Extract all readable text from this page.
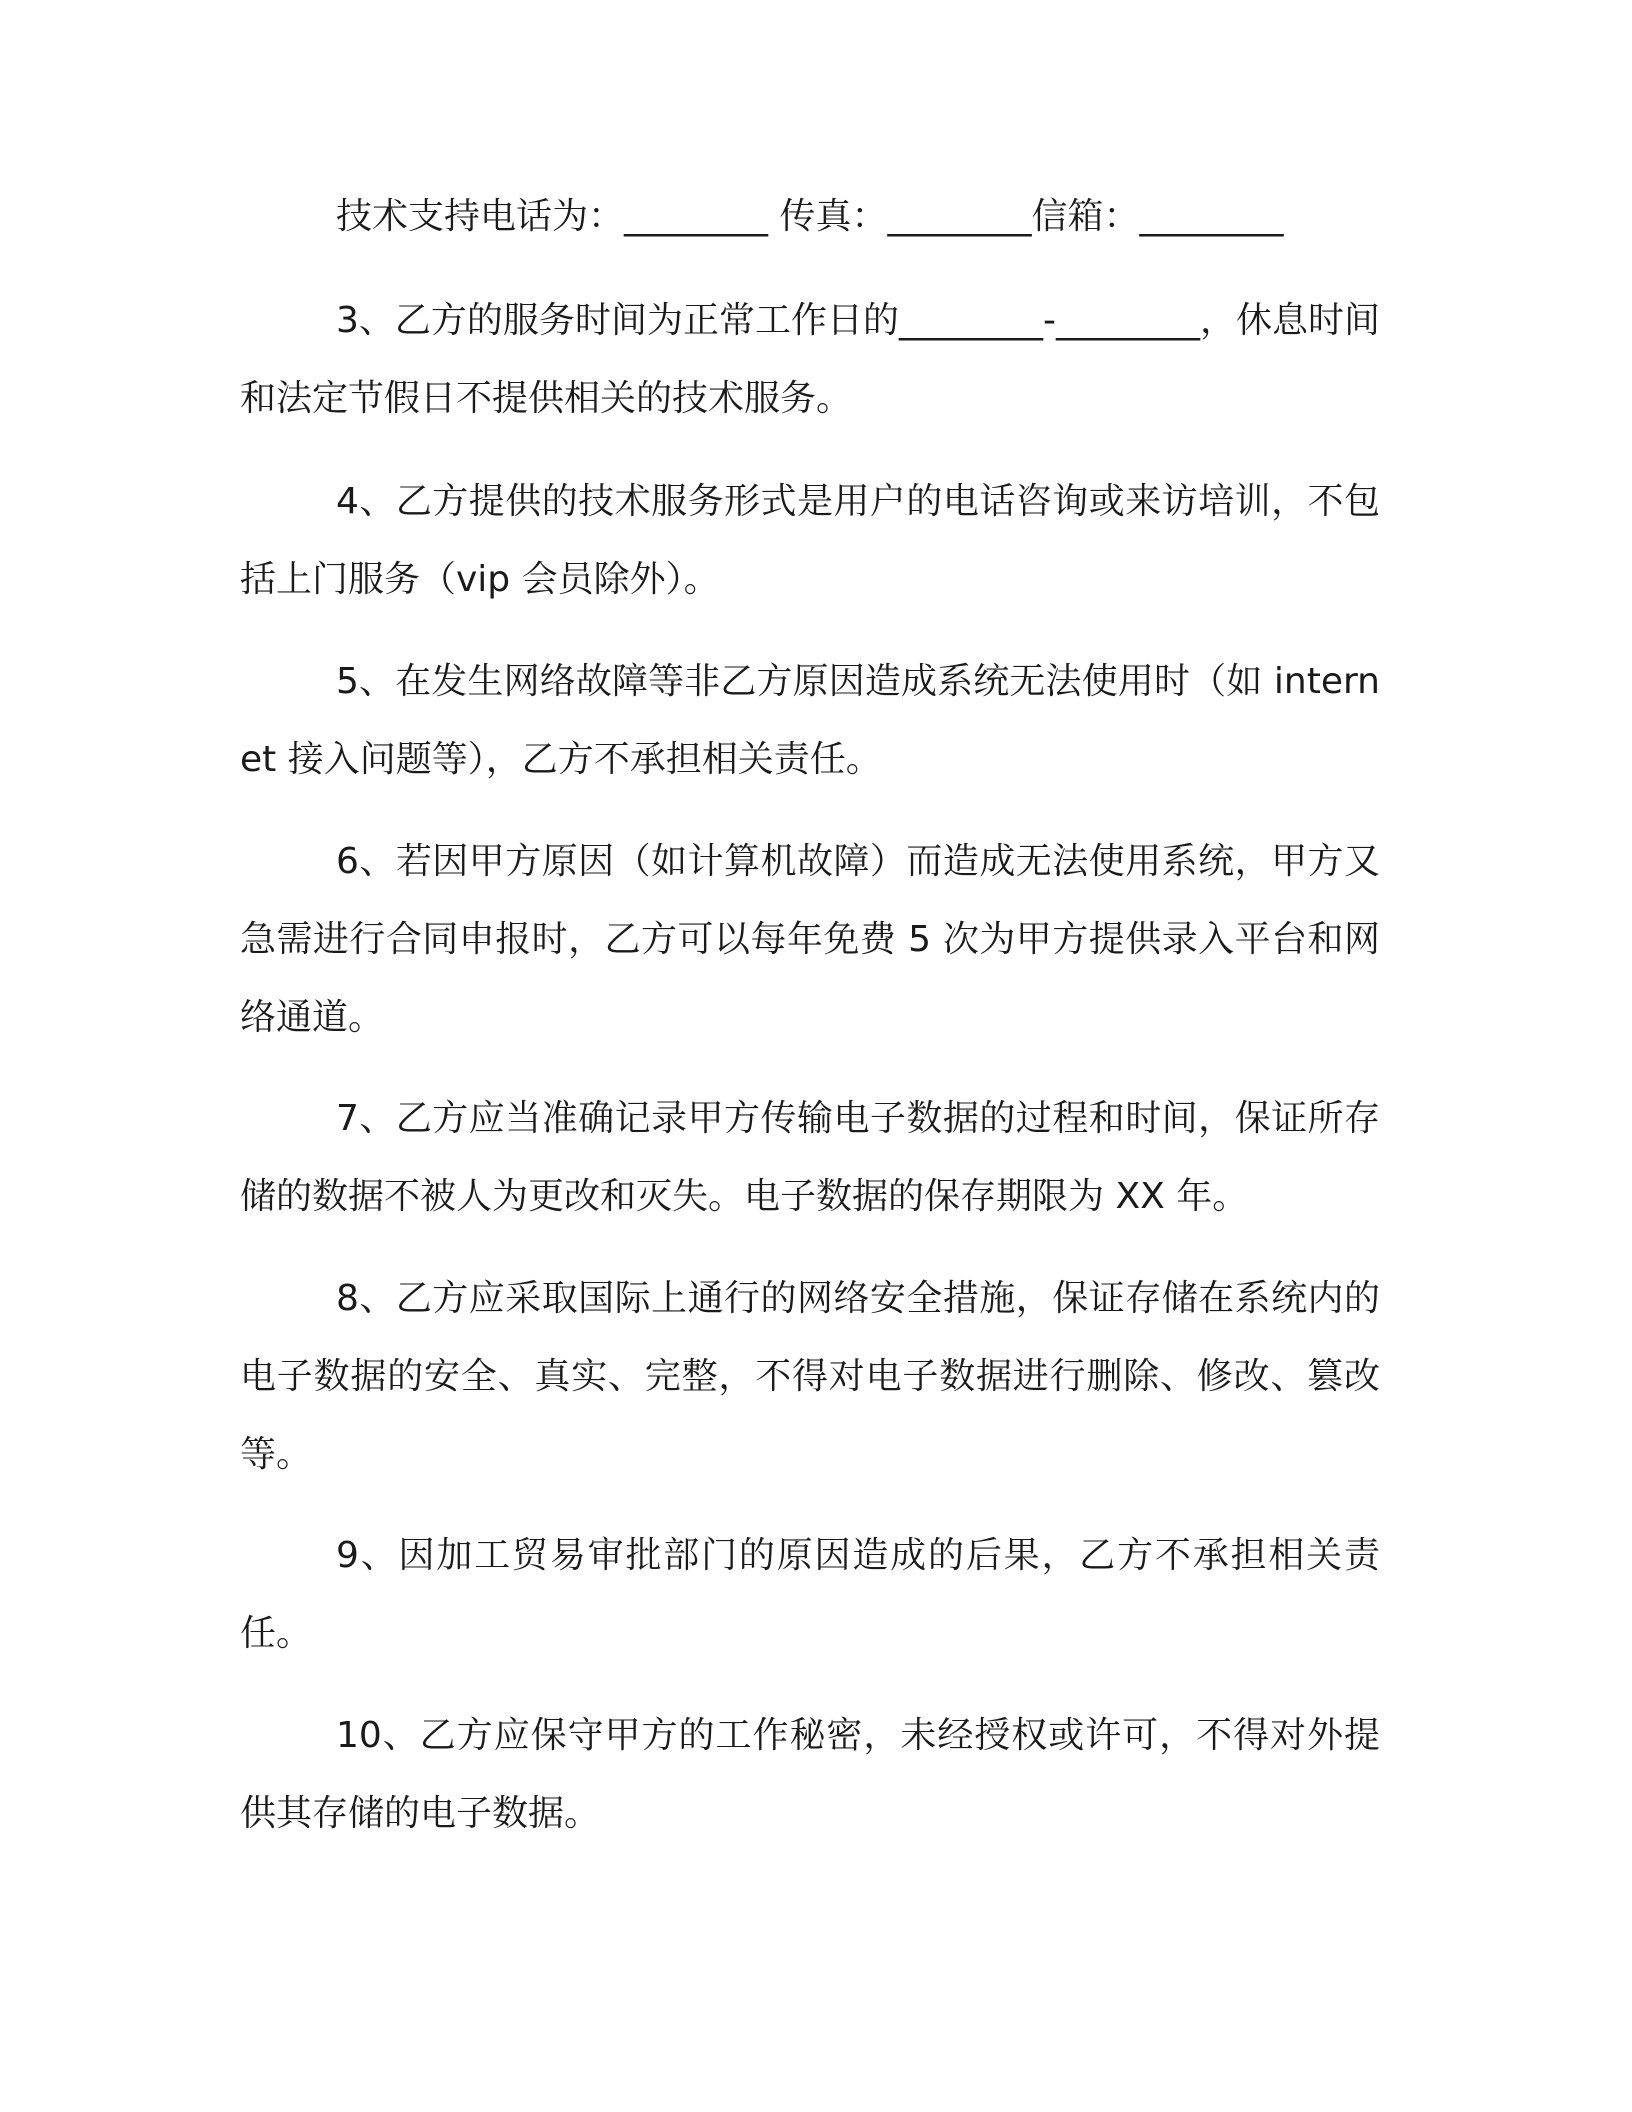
技术支持电话为：________ 传真：________信箱：________

3、乙方的服务时间为正常工作日的________-________，休息时间和法定节假日不提供相关的技术服务。

4、乙方提供的技术服务形式是用户的电话咨询或来访培训，不包括上门服务（vip 会员除外）。

5、在发生网络故障等非乙方原因造成系统无法使用时（如 internet 接入问题等），乙方不承担相关责任。

6、若因甲方原因（如计算机故障）而造成无法使用系统，甲方又急需进行合同申报时，乙方可以每年免费 5 次为甲方提供录入平台和网络通道。

7、乙方应当准确记录甲方传输电子数据的过程和时间，保证所存储的数据不被人为更改和灭失。电子数据的保存期限为 XX 年。

8、乙方应采取国际上通行的网络安全措施，保证存储在系统内的电子数据的安全、真实、完整，不得对电子数据进行删除、修改、篡改等。

9、因加工贸易审批部门的原因造成的后果，乙方不承担相关责任。

10、乙方应保守甲方的工作秘密，未经授权或许可，不得对外提供其存储的电子数据。
